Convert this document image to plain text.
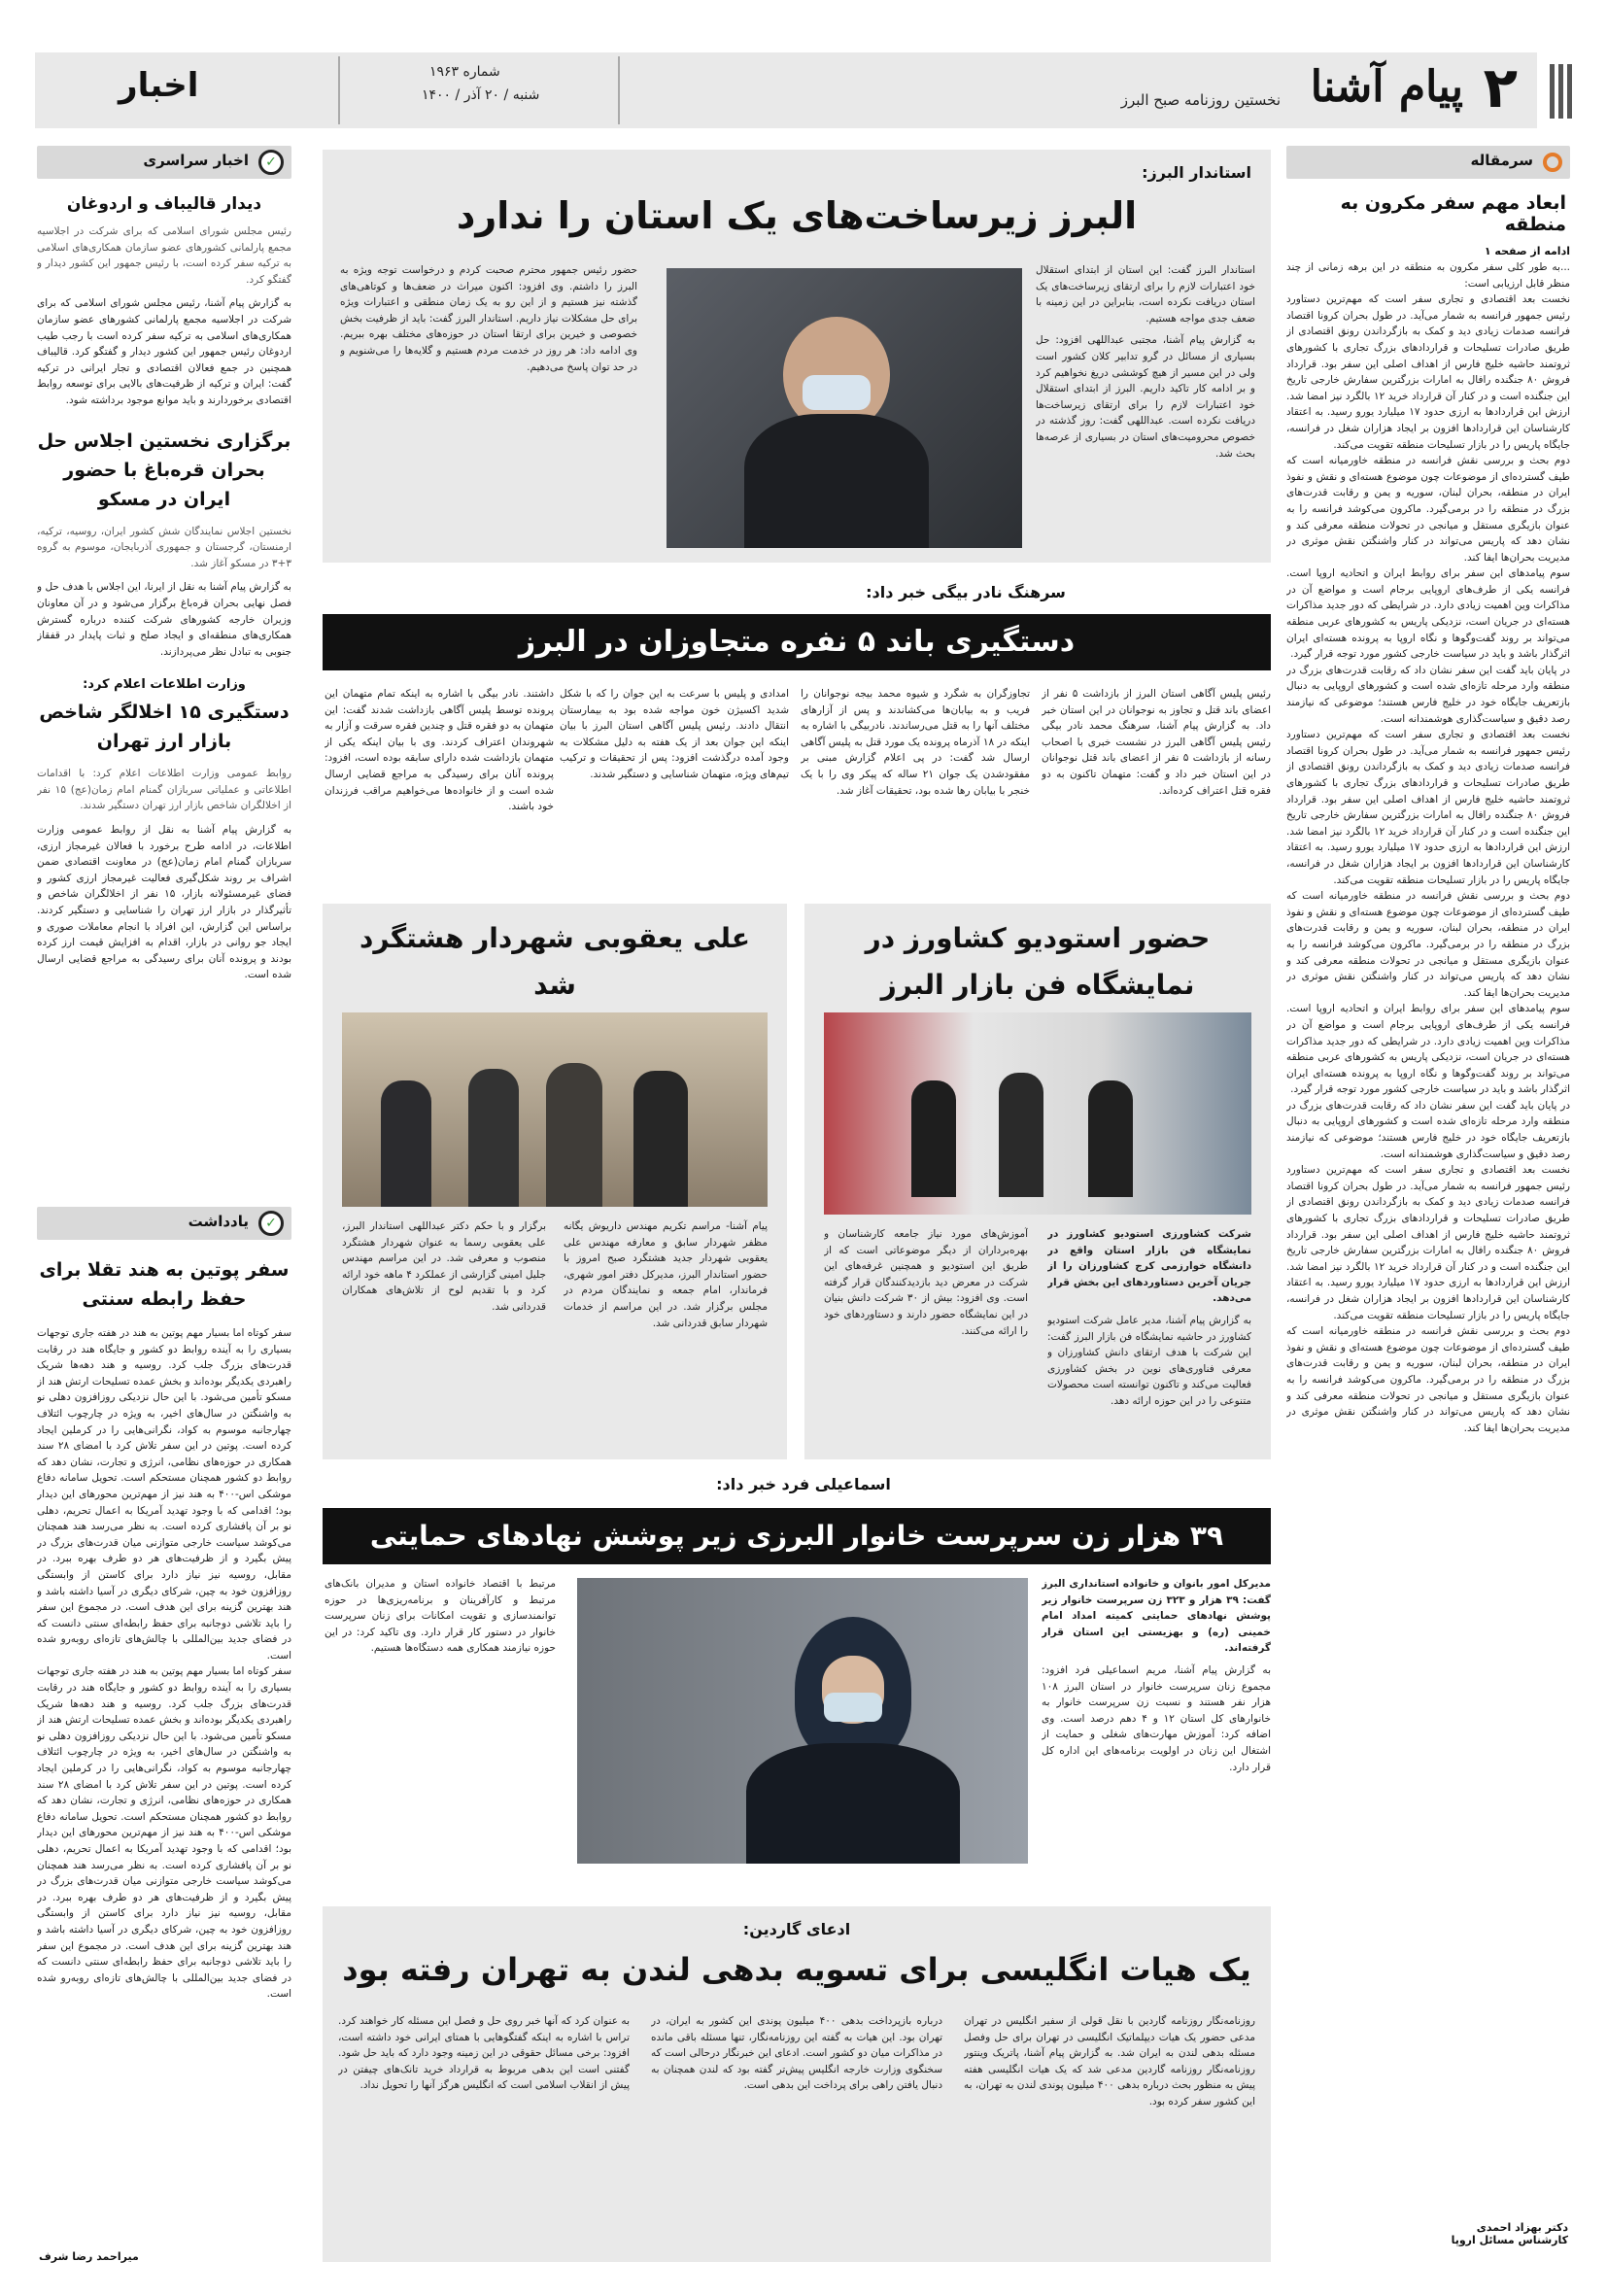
۲
پیام آشنا
نخستین روزنامه صبح البرز
شماره ۱۹۶۳
شنبه / ۲۰ آذر / ۱۴۰۰
اخبار
سرمقاله
ابعاد مهم سفر مکرون به منطقه
ادامه از صفحه ۱

...به طور کلی سفر مکرون به منطقه در این برهه زمانی از چند منظر قابل ارزیابی است:

نخست بعد اقتصادی و تجاری سفر است که مهم‌ترین دستاورد رئیس جمهور فرانسه به شمار می‌آید. در طول بحران کرونا اقتصاد فرانسه صدمات زیادی دید و کمک به بازگرداندن رونق اقتصادی از طریق صادرات تسلیحات و قراردادهای بزرگ تجاری با کشورهای ثروتمند حاشیه خلیج فارس از اهداف اصلی این سفر بود. قرارداد فروش ۸۰ جنگنده رافال به امارات بزرگترین سفارش خارجی تاریخ این جنگنده است و در کنار آن قرارداد خرید ۱۲ بالگرد نیز امضا شد. ارزش این قراردادها به ارزی حدود ۱۷ میلیارد یورو رسید. به اعتقاد کارشناسان این قراردادها افزون بر ایجاد هزاران شغل در فرانسه، جایگاه پاریس را در بازار تسلیحات منطقه تقویت می‌کند.

دوم بحث و بررسی نقش فرانسه در منطقه خاورمیانه است که طیف گسترده‌ای از موضوعات چون موضوع هسته‌ای و نقش و نفوذ ایران در منطقه، بحران لبنان، سوریه و یمن و رقابت قدرت‌های بزرگ در منطقه را در برمی‌گیرد. ماکرون می‌کوشد فرانسه را به عنوان بازیگری مستقل و میانجی در تحولات منطقه معرفی کند و نشان دهد که پاریس می‌تواند در کنار واشنگتن نقش موثری در مدیریت بحران‌ها ایفا کند.

سوم پیامدهای این سفر برای روابط ایران و اتحادیه اروپا است. فرانسه یکی از طرف‌های اروپایی برجام است و مواضع آن در مذاکرات وین اهمیت زیادی دارد. در شرایطی که دور جدید مذاکرات هسته‌ای در جریان است، نزدیکی پاریس به کشورهای عربی منطقه می‌تواند بر روند گفت‌وگوها و نگاه اروپا به پرونده هسته‌ای ایران اثرگذار باشد و باید در سیاست خارجی کشور مورد توجه قرار گیرد.

در پایان باید گفت این سفر نشان داد که رقابت قدرت‌های بزرگ در منطقه وارد مرحله تازه‌ای شده است و کشورهای اروپایی به دنبال بازتعریف جایگاه خود در خلیج فارس هستند؛ موضوعی که نیازمند رصد دقیق و سیاست‌گذاری هوشمندانه است.

نخست بعد اقتصادی و تجاری سفر است که مهم‌ترین دستاورد رئیس جمهور فرانسه به شمار می‌آید. در طول بحران کرونا اقتصاد فرانسه صدمات زیادی دید و کمک به بازگرداندن رونق اقتصادی از طریق صادرات تسلیحات و قراردادهای بزرگ تجاری با کشورهای ثروتمند حاشیه خلیج فارس از اهداف اصلی این سفر بود. قرارداد فروش ۸۰ جنگنده رافال به امارات بزرگترین سفارش خارجی تاریخ این جنگنده است و در کنار آن قرارداد خرید ۱۲ بالگرد نیز امضا شد. ارزش این قراردادها به ارزی حدود ۱۷ میلیارد یورو رسید. به اعتقاد کارشناسان این قراردادها افزون بر ایجاد هزاران شغل در فرانسه، جایگاه پاریس را در بازار تسلیحات منطقه تقویت می‌کند.

دوم بحث و بررسی نقش فرانسه در منطقه خاورمیانه است که طیف گسترده‌ای از موضوعات چون موضوع هسته‌ای و نقش و نفوذ ایران در منطقه، بحران لبنان، سوریه و یمن و رقابت قدرت‌های بزرگ در منطقه را در برمی‌گیرد. ماکرون می‌کوشد فرانسه را به عنوان بازیگری مستقل و میانجی در تحولات منطقه معرفی کند و نشان دهد که پاریس می‌تواند در کنار واشنگتن نقش موثری در مدیریت بحران‌ها ایفا کند.

سوم پیامدهای این سفر برای روابط ایران و اتحادیه اروپا است. فرانسه یکی از طرف‌های اروپایی برجام است و مواضع آن در مذاکرات وین اهمیت زیادی دارد. در شرایطی که دور جدید مذاکرات هسته‌ای در جریان است، نزدیکی پاریس به کشورهای عربی منطقه می‌تواند بر روند گفت‌وگوها و نگاه اروپا به پرونده هسته‌ای ایران اثرگذار باشد و باید در سیاست خارجی کشور مورد توجه قرار گیرد.

در پایان باید گفت این سفر نشان داد که رقابت قدرت‌های بزرگ در منطقه وارد مرحله تازه‌ای شده است و کشورهای اروپایی به دنبال بازتعریف جایگاه خود در خلیج فارس هستند؛ موضوعی که نیازمند رصد دقیق و سیاست‌گذاری هوشمندانه است.

نخست بعد اقتصادی و تجاری سفر است که مهم‌ترین دستاورد رئیس جمهور فرانسه به شمار می‌آید. در طول بحران کرونا اقتصاد فرانسه صدمات زیادی دید و کمک به بازگرداندن رونق اقتصادی از طریق صادرات تسلیحات و قراردادهای بزرگ تجاری با کشورهای ثروتمند حاشیه خلیج فارس از اهداف اصلی این سفر بود. قرارداد فروش ۸۰ جنگنده رافال به امارات بزرگترین سفارش خارجی تاریخ این جنگنده است و در کنار آن قرارداد خرید ۱۲ بالگرد نیز امضا شد. ارزش این قراردادها به ارزی حدود ۱۷ میلیارد یورو رسید. به اعتقاد کارشناسان این قراردادها افزون بر ایجاد هزاران شغل در فرانسه، جایگاه پاریس را در بازار تسلیحات منطقه تقویت می‌کند.

دوم بحث و بررسی نقش فرانسه در منطقه خاورمیانه است که طیف گسترده‌ای از موضوعات چون موضوع هسته‌ای و نقش و نفوذ ایران در منطقه، بحران لبنان، سوریه و یمن و رقابت قدرت‌های بزرگ در منطقه را در برمی‌گیرد. ماکرون می‌کوشد فرانسه را به عنوان بازیگری مستقل و میانجی در تحولات منطقه معرفی کند و نشان دهد که پاریس می‌تواند در کنار واشنگتن نقش موثری در مدیریت بحران‌ها ایفا کند.

دکتر بهزاد احمدی
کارشناس مسائل اروپا
✓
اخبار سراسری
دیدار قالیباف و اردوغان

رئیس مجلس شورای اسلامی که برای شرکت در اجلاسیه مجمع پارلمانی کشورهای عضو سازمان همکاری‌های اسلامی به ترکیه سفر کرده است، با رئیس جمهور این کشور دیدار و گفتگو کرد.

به گزارش پیام آشنا، رئیس مجلس شورای اسلامی که برای شرکت در اجلاسیه مجمع پارلمانی کشورهای عضو سازمان همکاری‌های اسلامی به ترکیه سفر کرده است با رجب طیب اردوغان رئیس جمهور این کشور دیدار و گفتگو کرد. قالیباف همچنین در جمع فعالان اقتصادی و تجار ایرانی در ترکیه گفت: ایران و ترکیه از ظرفیت‌های بالایی برای توسعه روابط اقتصادی برخوردارند و باید موانع موجود برداشته شود.

برگزاری نخستین اجلاس حل بحران قره‌باغ با حضور ایران در مسکو

نخستین اجلاس نمایندگان شش کشور ایران، روسیه، ترکیه، ارمنستان، گرجستان و جمهوری آذربایجان، موسوم به گروه ۳+۳ در مسکو آغاز شد.

به گزارش پیام آشنا به نقل از ایرنا، این اجلاس با هدف حل و فصل نهایی بحران قره‌باغ برگزار می‌شود و در آن معاونان وزیران خارجه کشورهای شرکت کننده درباره گسترش همکاری‌های منطقه‌ای و ایجاد صلح و ثبات پایدار در قفقاز جنوبی به تبادل نظر می‌پردازند.

وزارت اطلاعات اعلام کرد:
دستگیری ۱۵ اخلالگر شاخص بازار ارز تهران

روابط عمومی وزارت اطلاعات اعلام کرد: با اقدامات اطلاعاتی و عملیاتی سربازان گمنام امام زمان(عج) ۱۵ نفر از اخلالگران شاخص بازار ارز تهران دستگیر شدند.

به گزارش پیام آشنا به نقل از روابط عمومی وزارت اطلاعات، در ادامه طرح برخورد با فعالان غیرمجاز ارزی، سربازان گمنام امام زمان(عج) در معاونت اقتصادی ضمن اشراف بر روند شکل‌گیری فعالیت غیرمجاز ارزی کشور و فضای غیرمسئولانه بازار، ۱۵ نفر از اخلالگران شاخص و تأثیرگذار در بازار ارز تهران را شناسایی و دستگیر کردند. براساس این گزارش، این افراد با انجام معاملات صوری و ایجاد جو روانی در بازار، اقدام به افزایش قیمت ارز کرده بودند و پرونده آنان برای رسیدگی به مراجع قضایی ارسال شده است.

✓
یادداشت
سفر پوتین به هند تقلا برای حفظ رابطه سنتی

سفر کوتاه اما بسیار مهم پوتین به هند در هفته جاری توجهات بسیاری را به آینده روابط دو کشور و جایگاه هند در رقابت قدرت‌های بزرگ جلب کرد. روسیه و هند دهه‌ها شریک راهبردی یکدیگر بوده‌اند و بخش عمده تسلیحات ارتش هند از مسکو تأمین می‌شود. با این حال نزدیکی روزافزون دهلی نو به واشنگتن در سال‌های اخیر، به ویژه در چارچوب ائتلاف چهارجانبه موسوم به کواد، نگرانی‌هایی را در کرملین ایجاد کرده است. پوتین در این سفر تلاش کرد با امضای ۲۸ سند همکاری در حوزه‌های نظامی، انرژی و تجارت، نشان دهد که روابط دو کشور همچنان مستحکم است. تحویل سامانه دفاع موشکی اس-۴۰۰ به هند نیز از مهم‌ترین محورهای این دیدار بود؛ اقدامی که با وجود تهدید آمریکا به اعمال تحریم، دهلی نو بر آن پافشاری کرده است. به نظر می‌رسد هند همچنان می‌کوشد سیاست خارجی متوازنی میان قدرت‌های بزرگ در پیش بگیرد و از ظرفیت‌های هر دو طرف بهره ببرد. در مقابل، روسیه نیز نیاز دارد برای کاستن از وابستگی روزافزون خود به چین، شرکای دیگری در آسیا داشته باشد و هند بهترین گزینه برای این هدف است. در مجموع این سفر را باید تلاشی دوجانبه برای حفظ رابطه‌ای سنتی دانست که در فضای جدید بین‌المللی با چالش‌های تازه‌ای روبه‌رو شده است.

سفر کوتاه اما بسیار مهم پوتین به هند در هفته جاری توجهات بسیاری را به آینده روابط دو کشور و جایگاه هند در رقابت قدرت‌های بزرگ جلب کرد. روسیه و هند دهه‌ها شریک راهبردی یکدیگر بوده‌اند و بخش عمده تسلیحات ارتش هند از مسکو تأمین می‌شود. با این حال نزدیکی روزافزون دهلی نو به واشنگتن در سال‌های اخیر، به ویژه در چارچوب ائتلاف چهارجانبه موسوم به کواد، نگرانی‌هایی را در کرملین ایجاد کرده است. پوتین در این سفر تلاش کرد با امضای ۲۸ سند همکاری در حوزه‌های نظامی، انرژی و تجارت، نشان دهد که روابط دو کشور همچنان مستحکم است. تحویل سامانه دفاع موشکی اس-۴۰۰ به هند نیز از مهم‌ترین محورهای این دیدار بود؛ اقدامی که با وجود تهدید آمریکا به اعمال تحریم، دهلی نو بر آن پافشاری کرده است. به نظر می‌رسد هند همچنان می‌کوشد سیاست خارجی متوازنی میان قدرت‌های بزرگ در پیش بگیرد و از ظرفیت‌های هر دو طرف بهره ببرد. در مقابل، روسیه نیز نیاز دارد برای کاستن از وابستگی روزافزون خود به چین، شرکای دیگری در آسیا داشته باشد و هند بهترین گزینه برای این هدف است. در مجموع این سفر را باید تلاشی دوجانبه برای حفظ رابطه‌ای سنتی دانست که در فضای جدید بین‌المللی با چالش‌های تازه‌ای روبه‌رو شده است.

میراحمد رضا شرف
استاندار البرز:
البرز زیرساخت‌های یک استان را ندارد

استاندار البرز گفت: این استان از ابتدای استقلال خود اعتبارات لازم را برای ارتقای زیرساخت‌های یک استان دریافت نکرده است، بنابراین در این زمینه با ضعف جدی مواجه هستیم.

به گزارش پیام آشنا، مجتبی عبداللهی افزود: حل بسیاری از مسائل در گرو تدابیر کلان کشور است ولی در این مسیر از هیچ کوششی دریغ نخواهیم کرد و بر ادامه کار تاکید داریم. البرز از ابتدای استقلال خود اعتبارات لازم را برای ارتقای زیرساخت‌ها دریافت نکرده است. عبداللهی گفت: روز گذشته در خصوص محرومیت‌های استان در بسیاری از عرصه‌ها بحث شد.

حضور رئیس جمهور محترم صحبت کردم و درخواست توجه ویژه به البرز را داشتم. وی افزود: اکنون میراث در ضعف‌ها و کوتاهی‌های گذشته نیز هستیم و از این رو به یک زمان منطقی و اعتبارات ویژه برای حل مشکلات نیاز داریم. استاندار البرز گفت: باید از ظرفیت بخش خصوصی و خیرین برای ارتقا استان در حوزه‌های مختلف بهره ببریم. وی ادامه داد: هر روز در خدمت مردم هستیم و گلایه‌ها را می‌شنویم و در حد توان پاسخ می‌دهیم.

سرهنگ نادر بیگی خبر داد:
دستگیری باند ۵ نفره متجاوزان در البرز

رئیس پلیس آگاهی استان البرز از بازداشت ۵ نفر از اعضای باند قتل و تجاوز به نوجوانان در این استان خبر داد. به گزارش پیام آشنا، سرهنگ محمد نادر بیگی رئیس پلیس آگاهی البرز در نشست خبری با اصحاب رسانه از بازداشت ۵ نفر از اعضای باند قتل نوجوانان در این استان خبر داد و گفت: متهمان تاکنون به دو فقره قتل اعتراف کرده‌اند.

تجاوزگران به شگرد و شیوه محمد بیجه نوجوانان را فریب و به بیابان‌ها می‌کشاندند و پس از آزارهای مختلف آنها را به قتل می‌رساندند. نادربیگی با اشاره به اینکه در ۱۸ آذرماه پرونده یک مورد قتل به پلیس آگاهی ارسال شد گفت: در پی اعلام گزارش مبنی بر مفقودشدن یک جوان ۲۱ ساله که پیکر وی را با یک خنجر با بیابان رها شده بود، تحقیقات آغاز شد.

امدادی و پلیس با سرعت به این جوان را که با شکل شدید اکسیژن خون مواجه شده بود به بیمارستان انتقال دادند. رئیس پلیس آگاهی استان البرز با بیان اینکه این جوان بعد از یک هفته به دلیل مشکلات به وجود آمده درگذشت افزود: پس از تحقیقات و ترکیب تیم‌های ویژه، متهمان شناسایی و دستگیر شدند.

داشتند. نادر بیگی با اشاره به اینکه تمام متهمان این پرونده توسط پلیس آگاهی بازداشت شدند گفت: این متهمان به دو فقره قتل و چندین فقره سرقت و آزار به شهروندان اعتراف کردند. وی با بیان اینکه یکی از متهمان بازداشت شده دارای سابقه بوده است، افزود: پرونده آنان برای رسیدگی به مراجع قضایی ارسال شده است و از خانواده‌ها می‌خواهیم مراقب فرزندان خود باشند.

حضور استودیو کشاورز در نمایشگاه فن بازار البرز

شرکت کشاورزی استودیو کشاورز در نمایشگاه فن بازار استان واقع در دانشگاه خوارزمی کرج کشاورزان را از جریان آخرین دستاوردهای این بخش قرار می‌دهد.

به گزارش پیام آشنا، مدیر عامل شرکت استودیو کشاورز در حاشیه نمایشگاه فن بازار البرز گفت: این شرکت با هدف ارتقای دانش کشاورزان و معرفی فناوری‌های نوین در بخش کشاورزی فعالیت می‌کند و تاکنون توانسته است محصولات متنوعی را در این حوزه ارائه دهد.

آموزش‌های مورد نیاز جامعه کارشناسان و بهره‌برداران از دیگر موضوعاتی است که از طریق این استودیو و همچنین غرفه‌های این شرکت در معرض دید بازدیدکنندگان قرار گرفته است. وی افزود: بیش از ۳۰ شرکت دانش بنیان در این نمایشگاه حضور دارند و دستاوردهای خود را ارائه می‌کنند.

علی یعقوبی شهردار هشتگرد شد

پیام آشنا- مراسم تکریم مهندس داریوش یگانه مظفر شهردار سابق و معارفه مهندس علی یعقوبی شهردار جدید هشتگرد صبح امروز با حضور استاندار البرز، مدیرکل دفتر امور شهری، فرماندار، امام جمعه و نمایندگان مردم در مجلس برگزار شد. در این مراسم از خدمات شهردار سابق قدردانی شد.

برگزار و با حکم دکتر عبداللهی استاندار البرز، علی یعقوبی رسما به عنوان شهردار هشتگرد منصوب و معرفی شد. در این مراسم مهندس جلیل امینی گزارشی از عملکرد ۴ ماهه خود ارائه کرد و با تقدیم لوح از تلاش‌های همکاران قدردانی شد.

اسماعیلی فرد خبر داد:
۳۹ هزار زن سرپرست خانوار البرزی زیر پوشش نهادهای حمایتی

مدیرکل امور بانوان و خانواده استانداری البرز گفت: ۳۹ هزار و ۳۲۳ زن سرپرست خانوار زیر پوشش نهادهای حمایتی کمیته امداد امام خمینی (ره) و بهزیستی این استان قرار گرفته‌اند.

به گزارش پیام آشنا، مریم اسماعیلی فرد افزود: مجموع زنان سرپرست خانوار در استان البرز ۱۰۸ هزار نفر هستند و نسبت زن سرپرست خانوار به خانوارهای کل استان ۱۲ و ۴ دهم درصد است. وی اضافه کرد: آموزش مهارت‌های شغلی و حمایت از اشتغال این زنان در اولویت برنامه‌های این اداره کل قرار دارد.

مرتبط با اقتصاد خانواده استان و مدیران بانک‌های مرتبط و کارآفرینان و برنامه‌ریزی‌ها در حوزه توانمندسازی و تقویت امکانات برای زنان سرپرست خانوار در دستور کار قرار دارد. وی تاکید کرد: در این حوزه نیازمند همکاری همه دستگاه‌ها هستیم.

ادعای گاردین:
یک هیات انگلیسی برای تسویه بدهی لندن به تهران رفته بود

روزنامه‌نگار روزنامه گاردین با نقل قولی از سفیر انگلیس در تهران مدعی حضور یک هیات دیپلماتیک انگلیسی در تهران برای حل وفصل مسئله بدهی لندن به ایران شد. به گزارش پیام آشنا، پاتریک وینتور روزنامه‌نگار روزنامه گاردین مدعی شد که یک هیات انگلیسی هفته پیش به منظور بحث درباره بدهی ۴۰۰ میلیون پوندی لندن به تهران، به این کشور سفر کرده بود.

درباره بازپرداخت بدهی ۴۰۰ میلیون پوندی این کشور به ایران، در تهران بود. این هیات به گفته این روزنامه‌نگار، تنها مسئله باقی مانده در مذاکرات میان دو کشور است. ادعای این خبرنگار درحالی است که سخنگوی وزارت خارجه انگلیس پیش‌تر گفته بود که لندن همچنان به دنبال یافتن راهی برای پرداخت این بدهی است.

به عنوان کرد که آنها خبر روی حل و فصل این مسئله کار خواهند کرد. تراس با اشاره به اینکه گفتگوهایی با همتای ایرانی خود داشته است، افزود: برخی مسائل حقوقی در این زمینه وجود دارد که باید حل شود. گفتنی است این بدهی مربوط به قرارداد خرید تانک‌های چیفتن در پیش از انقلاب اسلامی است که انگلیس هرگز آنها را تحویل نداد.
